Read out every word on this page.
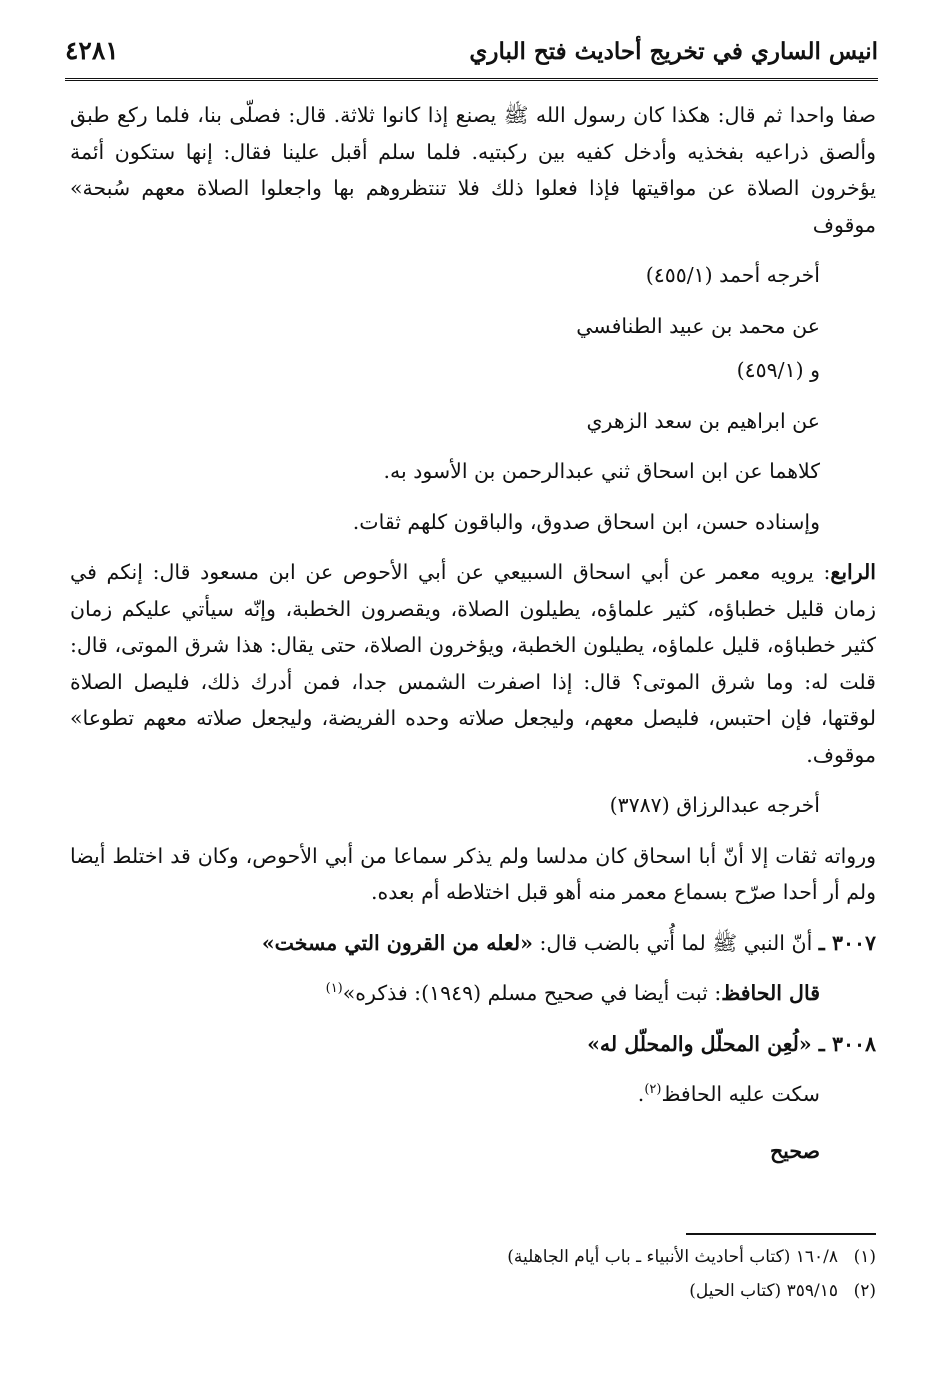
انيس الساري في تخريج أحاديث فتح الباري
٤٢٨١

صفا واحدا ثم قال: هكذا كان رسول الله ﷺ يصنع إذا كانوا ثلاثة. قال: فصلّى بنا، فلما ركع طبق وألصق ذراعيه بفخذيه وأدخل كفيه بين ركبتيه. فلما سلم أقبل علينا فقال: إنها ستكون أئمة يؤخرون الصلاة عن مواقيتها فإذا فعلوا ذلك فلا تنتظروهم بها واجعلوا الصلاة معهم سُبحة» موقوف

أخرجه أحمد (٤٥٥/١)

عن محمد بن عبيد الطنافسي

و (٤٥٩/١)

عن ابراهيم بن سعد الزهري

كلاهما عن ابن اسحاق ثني عبدالرحمن بن الأسود به.

وإسناده حسن، ابن اسحاق صدوق، والباقون كلهم ثقات.

الرابع: يرويه معمر عن أبي اسحاق السبيعي عن أبي الأحوص عن ابن مسعود قال: إنكم في زمان قليل خطباؤه، كثير علماؤه، يطيلون الصلاة، ويقصرون الخطبة، وإنّه سيأتي عليكم زمان كثير خطباؤه، قليل علماؤه، يطيلون الخطبة، ويؤخرون الصلاة، حتى يقال: هذا شرق الموتى، قال: قلت له: وما شرق الموتى؟ قال: إذا اصفرت الشمس جدا، فمن أدرك ذلك، فليصل الصلاة لوقتها، فإن احتبس، فليصل معهم، وليجعل صلاته وحده الفريضة، وليجعل صلاته معهم تطوعا» موقوف.

أخرجه عبدالرزاق (٣٧٨٧)

ورواته ثقات إلا أنّ أبا اسحاق كان مدلسا ولم يذكر سماعا من أبي الأحوص، وكان قد اختلط أيضا ولم أر أحدا صرّح بسماع معمر منه أهو قبل اختلاطه أم بعده.

٣٠٠٧ ـ أنّ النبي ﷺ لما أُتي بالضب قال: «لعله من القرون التي مسخت»

قال الحافظ: ثبت أيضا في صحيح مسلم (١٩٤٩): فذكره»$^{(١)}$

٣٠٠٨ ـ «لُعِن المحلّل والمحلّل له»

سكت عليه الحافظ$^{(٢)}$.

صحيح

(١)١٦٠/٨ (كتاب أحاديث الأنبياء ـ باب أيام الجاهلية)

(٢)٣٥٩/١٥ (كتاب الحيل)
